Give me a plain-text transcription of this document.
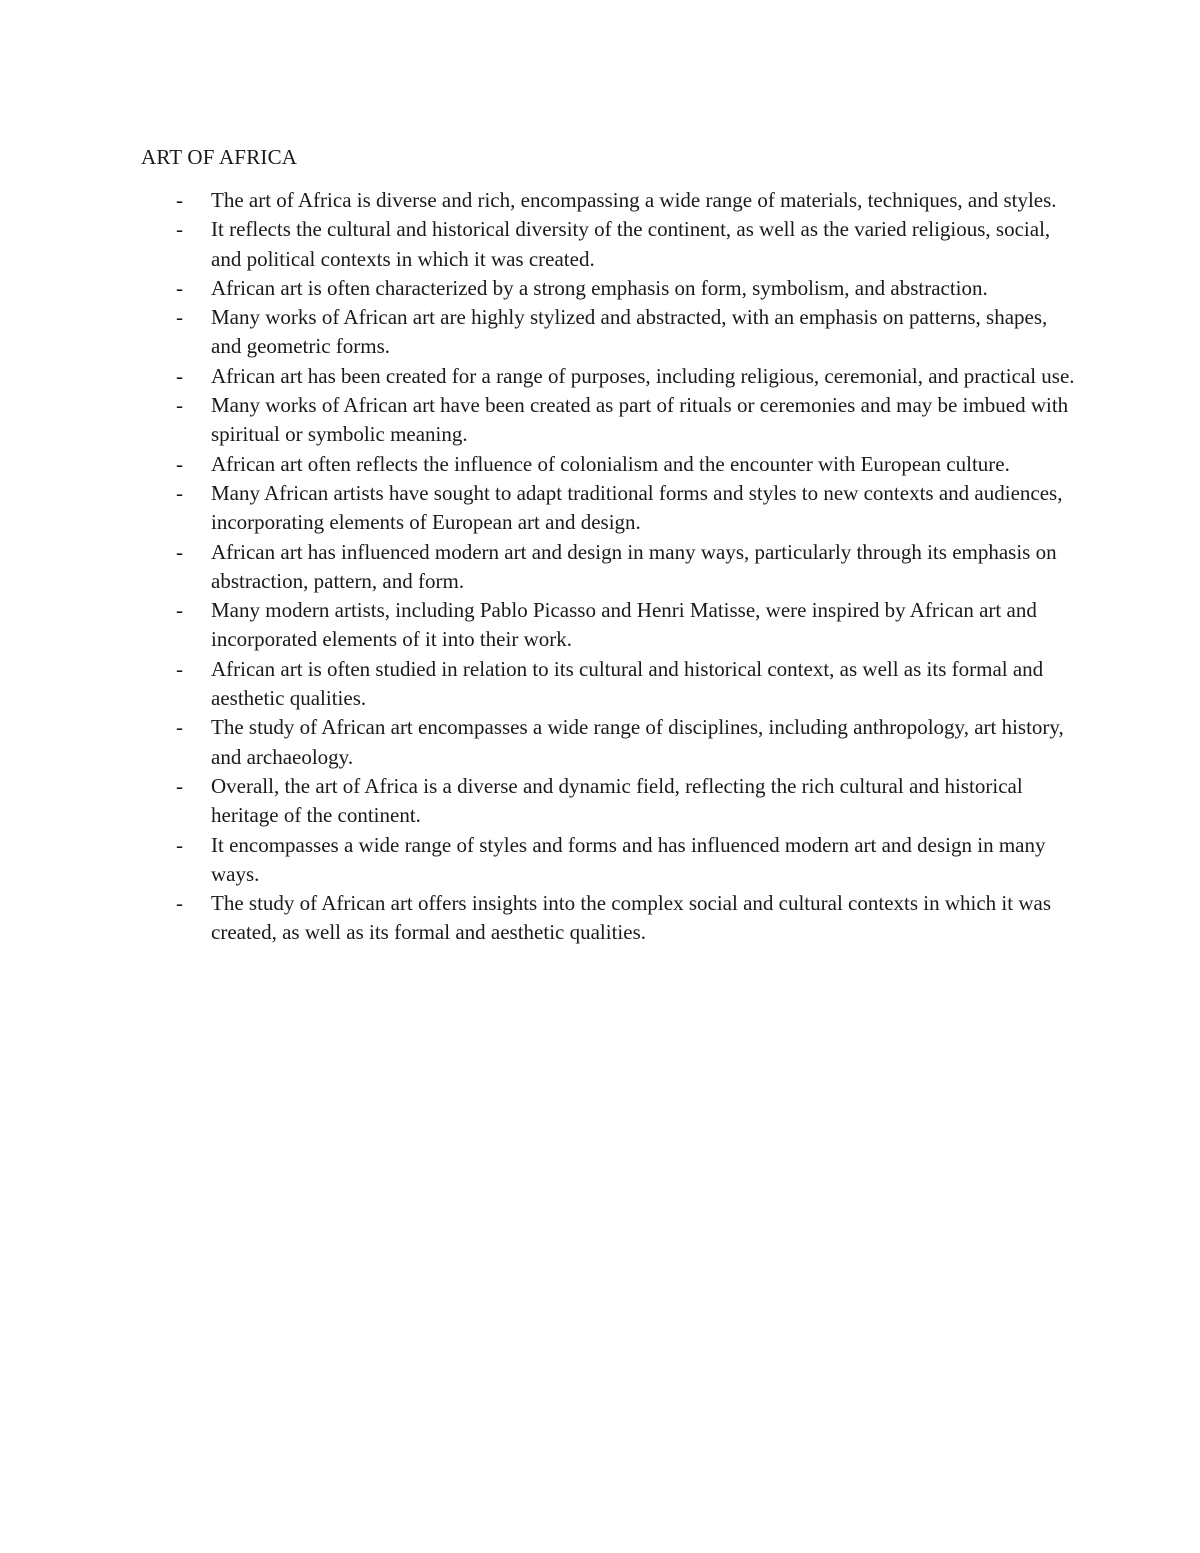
ART OF AFRICA
- The art of Africa is diverse and rich, encompassing a wide range of materials, techniques, and styles.
- It reflects the cultural and historical diversity of the continent, as well as the varied religious, social, and political contexts in which it was created.
- African art is often characterized by a strong emphasis on form, symbolism, and abstraction.
- Many works of African art are highly stylized and abstracted, with an emphasis on patterns, shapes, and geometric forms.
- African art has been created for a range of purposes, including religious, ceremonial, and practical use.
- Many works of African art have been created as part of rituals or ceremonies and may be imbued with spiritual or symbolic meaning.
- African art often reflects the influence of colonialism and the encounter with European culture.
- Many African artists have sought to adapt traditional forms and styles to new contexts and audiences, incorporating elements of European art and design.
- African art has influenced modern art and design in many ways, particularly through its emphasis on abstraction, pattern, and form.
- Many modern artists, including Pablo Picasso and Henri Matisse, were inspired by African art and incorporated elements of it into their work.
- African art is often studied in relation to its cultural and historical context, as well as its formal and aesthetic qualities.
- The study of African art encompasses a wide range of disciplines, including anthropology, art history, and archaeology.
- Overall, the art of Africa is a diverse and dynamic field, reflecting the rich cultural and historical heritage of the continent.
- It encompasses a wide range of styles and forms and has influenced modern art and design in many ways.
- The study of African art offers insights into the complex social and cultural contexts in which it was created, as well as its formal and aesthetic qualities.
